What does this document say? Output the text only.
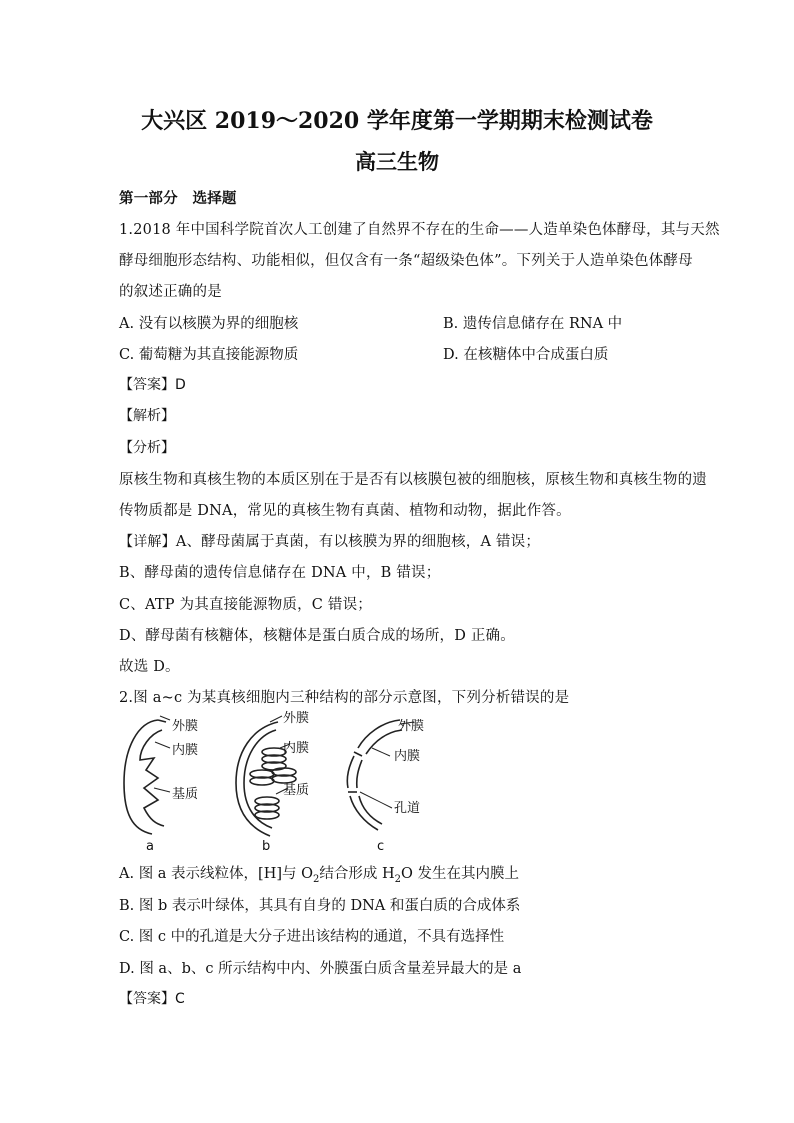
大兴区 2019～2020 学年度第一学期期末检测试卷
高三生物
第一部分　选择题
1.2018 年中国科学院首次人工创建了自然界不存在的生命——人造单染色体酵母，其与天然
酵母细胞形态结构、功能相似，但仅含有一条“超级染色体”。下列关于人造单染色体酵母
的叙述正确的是
A. 没有以核膜为界的细胞核	B. 遗传信息储存在 RNA 中
C. 葡萄糖为其直接能源物质	D. 在核糖体中合成蛋白质
【答案】D
【解析】
【分析】
原核生物和真核生物的本质区别在于是否有以核膜包被的细胞核，原核生物和真核生物的遗
传物质都是 DNA，常见的真核生物有真菌、植物和动物，据此作答。
【详解】A、酵母菌属于真菌，有以核膜为界的细胞核，A 错误；
B、酵母菌的遗传信息储存在 DNA 中，B 错误；
C、ATP 为其直接能源物质，C 错误；
D、酵母菌有核糖体，核糖体是蛋白质合成的场所，D 正确。
故选 D。
2.图 a~c 为某真核细胞内三种结构的部分示意图，下列分析错误的是
外膜
内膜
基质
a
外膜
内膜
基质
b
外膜
内膜
孔道
c
A. 图 a 表示线粒体，[H]与 $O_2$结合形成 $H_2O$ 发生在其内膜上
B. 图 b 表示叶绿体，其具有自身的 DNA 和蛋白质的合成体系
C. 图 c 中的孔道是大分子进出该结构的通道，不具有选择性
D. 图 a、b、c 所示结构中内、外膜蛋白质含量差异最大的是 a
【答案】C
